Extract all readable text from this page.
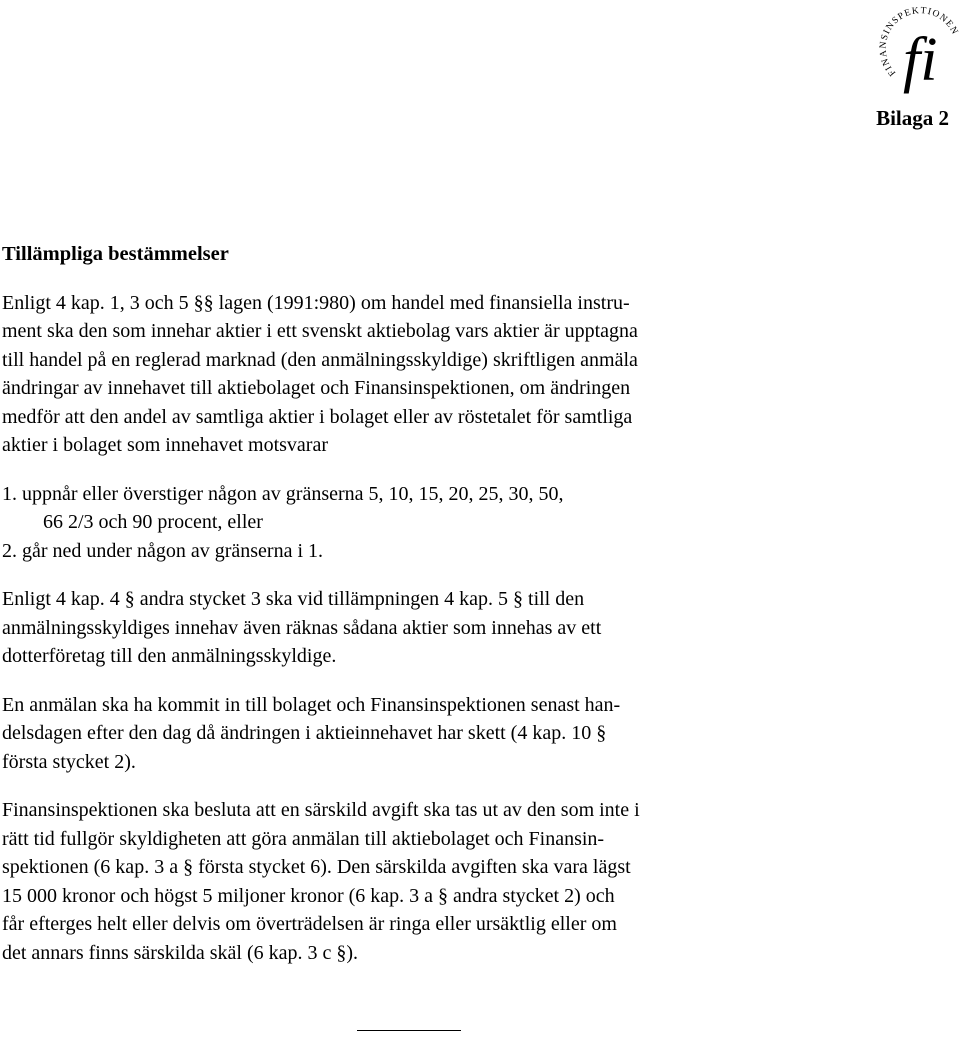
FINANSINSPEKTIONEN
fi
Bilaga 2
Tillämpliga bestämmelser
Enligt 4 kap. 1, 3 och 5 §§ lagen (1991:980) om handel med finansiella instru-
ment ska den som innehar aktier i ett svenskt aktiebolag vars aktier är upptagna
till handel på en reglerad marknad (den anmälningsskyldige) skriftligen anmäla
ändringar av innehavet till aktiebolaget och Finansinspektionen, om ändringen
medför att den andel av samtliga aktier i bolaget eller av röstetalet för samtliga
aktier i bolaget som innehavet motsvarar
1. uppnår eller överstiger någon av gränserna 5, 10, 15, 20, 25, 30, 50,
66 2/3 och 90 procent, eller
2. går ned under någon av gränserna i 1.
Enligt 4 kap. 4 § andra stycket 3 ska vid tillämpningen 4 kap. 5 § till den
anmälningsskyldiges innehav även räknas sådana aktier som innehas av ett
dotterföretag till den anmälningsskyldige.
En anmälan ska ha kommit in till bolaget och Finansinspektionen senast han-
delsdagen efter den dag då ändringen i aktieinnehavet har skett (4 kap. 10 §
första stycket 2).
Finansinspektionen ska besluta att en särskild avgift ska tas ut av den som inte i
rätt tid fullgör skyldigheten att göra anmälan till aktiebolaget och Finansin-
spektionen (6 kap. 3 a § första stycket 6). Den särskilda avgiften ska vara lägst
15 000 kronor och högst 5 miljoner kronor (6 kap. 3 a § andra stycket 2) och
får efterges helt eller delvis om överträdelsen är ringa eller ursäktlig eller om
det annars finns särskilda skäl (6 kap. 3 c §).
